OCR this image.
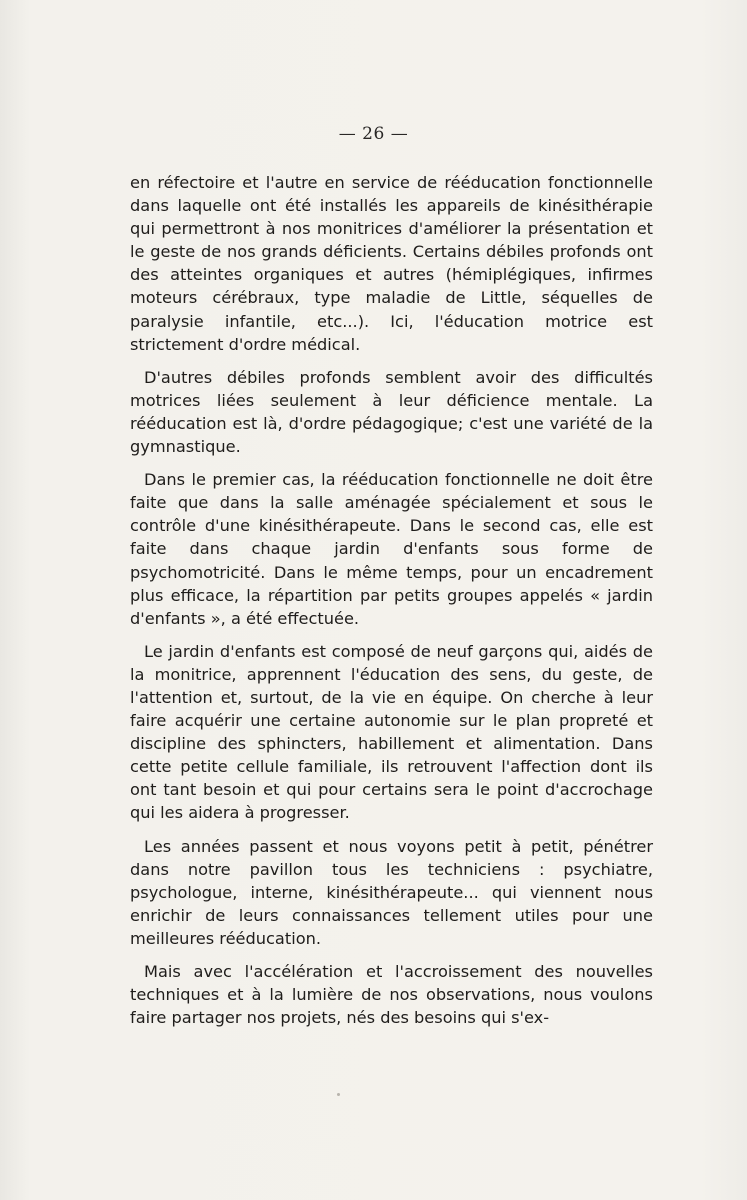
— 26 —

en réfectoire et l'autre en service de rééducation fonctionnelle dans laquelle ont été installés les appareils de kinésithérapie qui permettront à nos monitrices d'améliorer la présentation et le geste de nos grands déficients. Certains débiles profonds ont des atteintes organiques et autres (hémiplégiques, infirmes moteurs cérébraux, type maladie de Little, séquelles de paralysie infantile, etc...). Ici, l'éducation motrice est strictement d'ordre médical.

D'autres débiles profonds semblent avoir des difficultés motrices liées seulement à leur déficience mentale. La rééducation est là, d'ordre pédagogique; c'est une variété de la gymnastique.

Dans le premier cas, la rééducation fonctionnelle ne doit être faite que dans la salle aménagée spécialement et sous le contrôle d'une kinésithérapeute. Dans le second cas, elle est faite dans chaque jardin d'enfants sous forme de psychomotricité. Dans le même temps, pour un encadrement plus efficace, la répartition par petits groupes appelés « jardin d'enfants », a été effectuée.

Le jardin d'enfants est composé de neuf garçons qui, aidés de la monitrice, apprennent l'éducation des sens, du geste, de l'attention et, surtout, de la vie en équipe. On cherche à leur faire acquérir une certaine autonomie sur le plan propreté et discipline des sphincters, habillement et alimentation. Dans cette petite cellule familiale, ils retrouvent l'affection dont ils ont tant besoin et qui pour certains sera le point d'accrochage qui les aidera à progresser.

Les années passent et nous voyons petit à petit, pénétrer dans notre pavillon tous les techniciens : psychiatre, psychologue, interne, kinésithérapeute... qui viennent nous enrichir de leurs connaissances tellement utiles pour une meilleures rééducation.

Mais avec l'accélération et l'accroissement des nouvelles techniques et à la lumière de nos observations, nous voulons faire partager nos projets, nés des besoins qui s'ex-
